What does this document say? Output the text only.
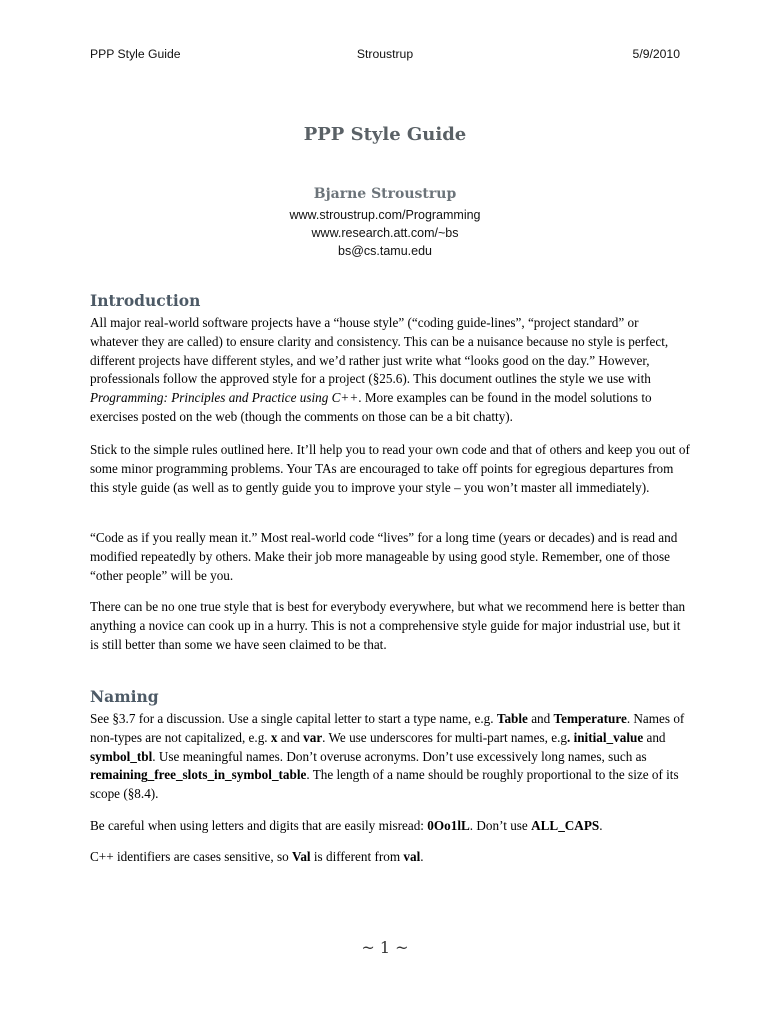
PPP Style Guide	Stroustrup	5/9/2010
PPP Style Guide
Bjarne Stroustrup
www.stroustrup.com/Programming
www.research.att.com/~bs
bs@cs.tamu.edu
Introduction

All major real-world software projects have a “house style” (“coding guide-lines”, “project standard” or whatever they are called) to ensure clarity and consistency. This can be a nuisance because no style is perfect, different projects have different styles, and we’d rather just write what “looks good on the day.” However, professionals follow the approved style for a project (§25.6). This document outlines the style we use with Programming: Principles and Practice using C++. More examples can be found in the model solutions to exercises posted on the web (though the comments on those can be a bit chatty).

Stick to the simple rules outlined here. It’ll help you to read your own code and that of others and keep you out of some minor programming problems. Your TAs are encouraged to take off points for egregious departures from this style guide (as well as to gently guide you to improve your style – you won’t master all immediately).

“Code as if you really mean it.” Most real-world code “lives” for a long time (years or decades) and is read and modified repeatedly by others. Make their job more manageable by using good style. Remember, one of those “other people” will be you.

There can be no one true style that is best for everybody everywhere, but what we recommend here is better than anything a novice can cook up in a hurry. This is not a comprehensive style guide for major industrial use, but it is still better than some we have seen claimed to be that.

Naming

See §3.7 for a discussion. Use a single capital letter to start a type name, e.g. Table and Temperature. Names of non-types are not capitalized, e.g. x and var. We use underscores for multi-part names, e.g. initial_value and symbol_tbl. Use meaningful names. Don’t overuse acronyms. Don’t use excessively long names, such as remaining_free_slots_in_symbol_table. The length of a name should be roughly proportional to the size of its scope (§8.4).

Be careful when using letters and digits that are easily misread: 0Oo1lL. Don’t use ALL_CAPS.

C++ identifiers are cases sensitive, so Val is different from val.

~ 1 ~
